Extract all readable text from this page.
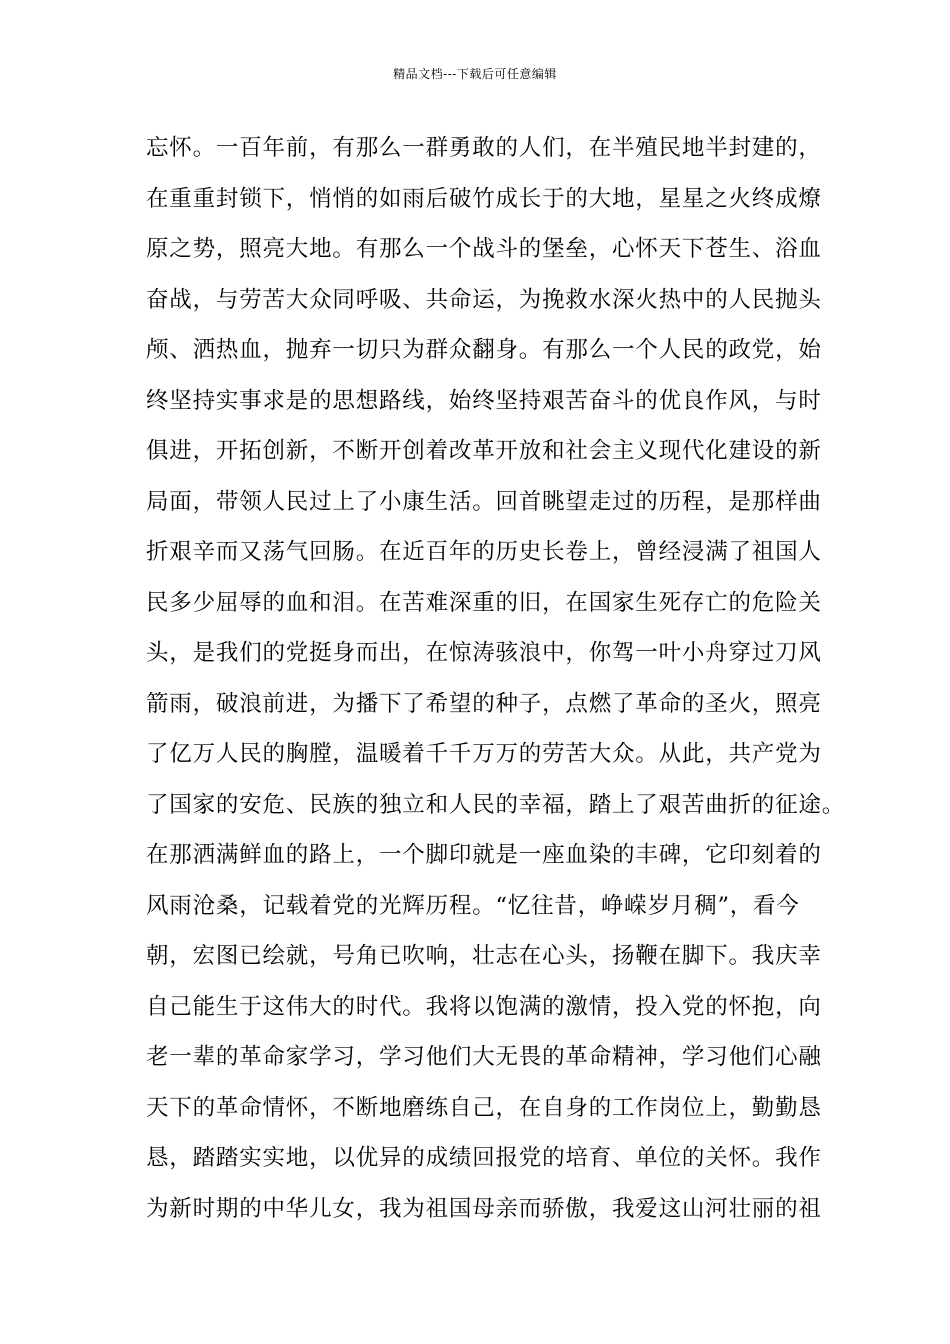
精品文档---下载后可任意编辑
忘怀。一百年前，有那么一群勇敢的人们，在半殖民地半封建的，
在重重封锁下，悄悄的如雨后破竹成长于的大地，星星之火终成燎
原之势，照亮大地。有那么一个战斗的堡垒，心怀天下苍生、浴血
奋战，与劳苦大众同呼吸、共命运，为挽救水深火热中的人民抛头
颅、洒热血，抛弃一切只为群众翻身。有那么一个人民的政党，始
终坚持实事求是的思想路线，始终坚持艰苦奋斗的优良作风，与时
俱进，开拓创新，不断开创着改革开放和社会主义现代化建设的新
局面，带领人民过上了小康生活。回首眺望走过的历程，是那样曲
折艰辛而又荡气回肠。在近百年的历史长卷上，曾经浸满了祖国人
民多少屈辱的血和泪。在苦难深重的旧，在国家生死存亡的危险关
头，是我们的党挺身而出，在惊涛骇浪中，你驾一叶小舟穿过刀风
箭雨，破浪前进，为播下了希望的种子，点燃了革命的圣火，照亮
了亿万人民的胸膛，温暖着千千万万的劳苦大众。从此，共产党为
了国家的安危、民族的独立和人民的幸福，踏上了艰苦曲折的征途。
在那洒满鲜血的路上，一个脚印就是一座血染的丰碑，它印刻着的
风雨沧桑，记载着党的光辉历程。“忆往昔，峥嵘岁月稠”，看今
朝，宏图已绘就，号角已吹响，壮志在心头，扬鞭在脚下。我庆幸
自己能生于这伟大的时代。我将以饱满的激情，投入党的怀抱，向
老一辈的革命家学习，学习他们大无畏的革命精神，学习他们心融
天下的革命情怀，不断地磨练自己，在自身的工作岗位上，勤勤恳
恳，踏踏实实地，以优异的成绩回报党的培育、单位的关怀。我作
为新时期的中华儿女，我为祖国母亲而骄傲，我爱这山河壮丽的祖
